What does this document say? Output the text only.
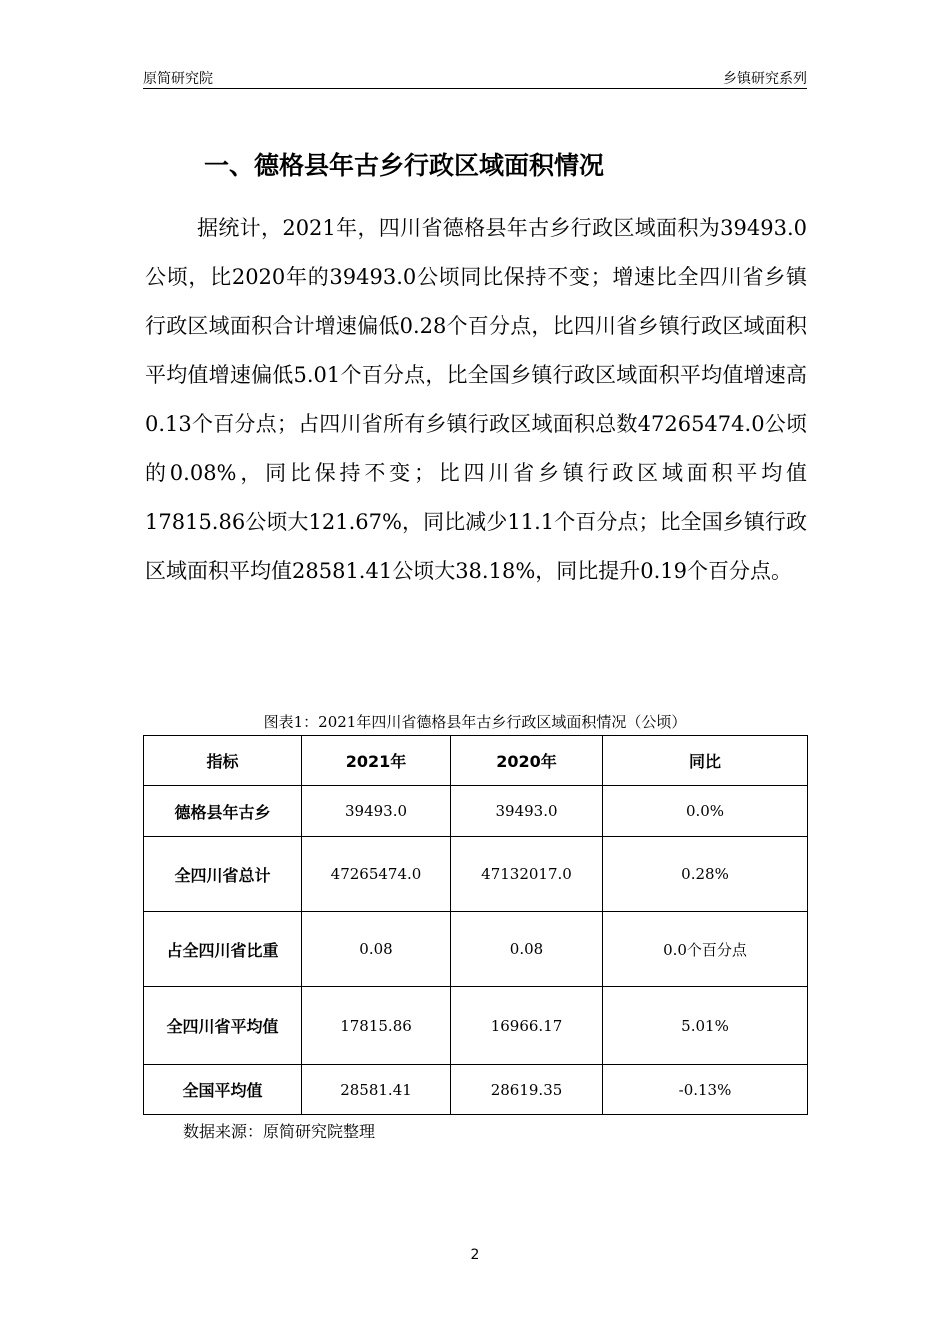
原简研究院	乡镇研究系列
一、德格县年古乡行政区域面积情况

据统计，2021年，四川省德格县年古乡行政区域面积为39493.0公顷，比2020年的39493.0公顷同比保持不变；增速比全四川省乡镇行政区域面积合计增速偏低0.28个百分点，比四川省乡镇行政区域面积平均值增速偏低5.01个百分点，比全国乡镇行政区域面积平均值增速高0.13个百分点；占四川省所有乡镇行政区域面积总数47265474.0公顷的0.08%，同比保持不变；比四川省乡镇行政区域面积平均值17815.86公顷大121.67%，同比减少11.1个百分点；比全国乡镇行政区域面积平均值28581.41公顷大38.18%，同比提升0.19个百分点。

图表1：2021年四川省德格县年古乡行政区域面积情况（公顷）
指标	2021年	2020年	同比
德格县年古乡	39493.0	39493.0	0.0%
全四川省总计	47265474.0	47132017.0	0.28%
占全四川省比重	0.08	0.08	0.0个百分点
全四川省平均值	17815.86	16966.17	5.01%
全国平均值	28581.41	28619.35	-0.13%
数据来源：原简研究院整理
2
